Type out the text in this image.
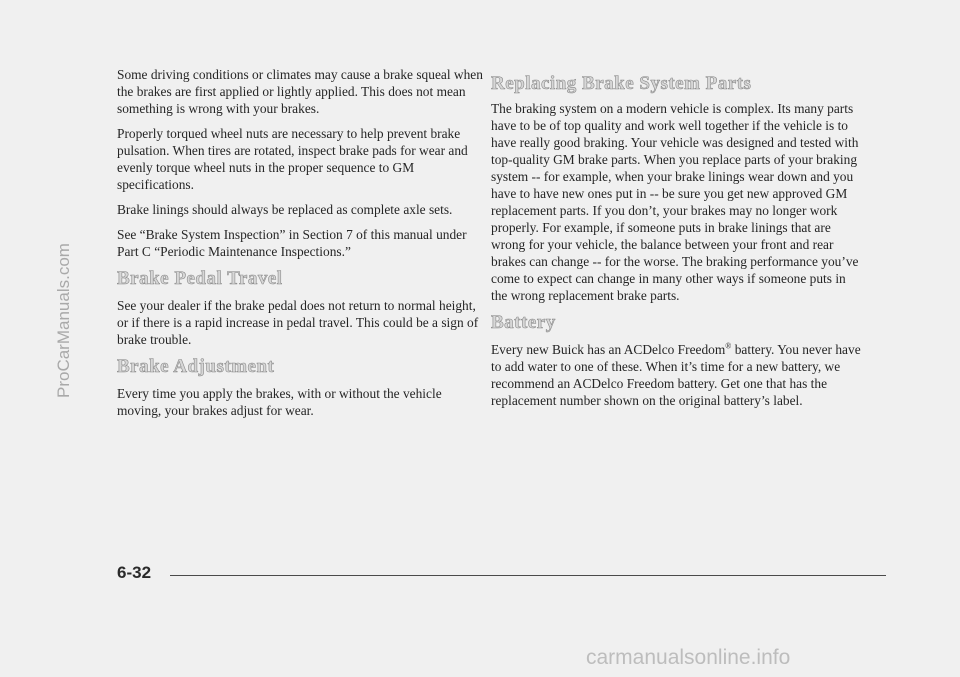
ProCarManuals.com

Some driving conditions or climates may cause a brake squeal when the brakes are first applied or lightly applied. This does not mean something is wrong with your brakes.

Properly torqued wheel nuts are necessary to help prevent brake pulsation. When tires are rotated, inspect brake pads for wear and evenly torque wheel nuts in the proper sequence to GM specifications.

Brake linings should always be replaced as complete axle sets.

See “Brake System Inspection” in Section 7 of this manual under Part C “Periodic Maintenance Inspections.”

Brake Pedal Travel

See your dealer if the brake pedal does not return to normal height, or if there is a rapid increase in pedal travel. This could be a sign of brake trouble.

Brake Adjustment

Every time you apply the brakes, with or without the vehicle moving, your brakes adjust for wear.

Replacing Brake System Parts

The braking system on a modern vehicle is complex. Its many parts have to be of top quality and work well together if the vehicle is to have really good braking. Your vehicle was designed and tested with top-quality GM brake parts. When you replace parts of your braking system -- for example, when your brake linings wear down and you have to have new ones put in -- be sure you get new approved GM replacement parts. If you don’t, your brakes may no longer work properly. For example, if someone puts in brake linings that are wrong for your vehicle, the balance between your front and rear brakes can change -- for the worse. The braking performance you’ve come to expect can change in many other ways if someone puts in the wrong replacement brake parts.

Battery

Every new Buick has an ACDelco Freedom® battery. You never have to add water to one of these. When it’s time for a new battery, we recommend an ACDelco Freedom battery. Get one that has the replacement number shown on the original battery’s label.

6-32
carmanualsonline.info
